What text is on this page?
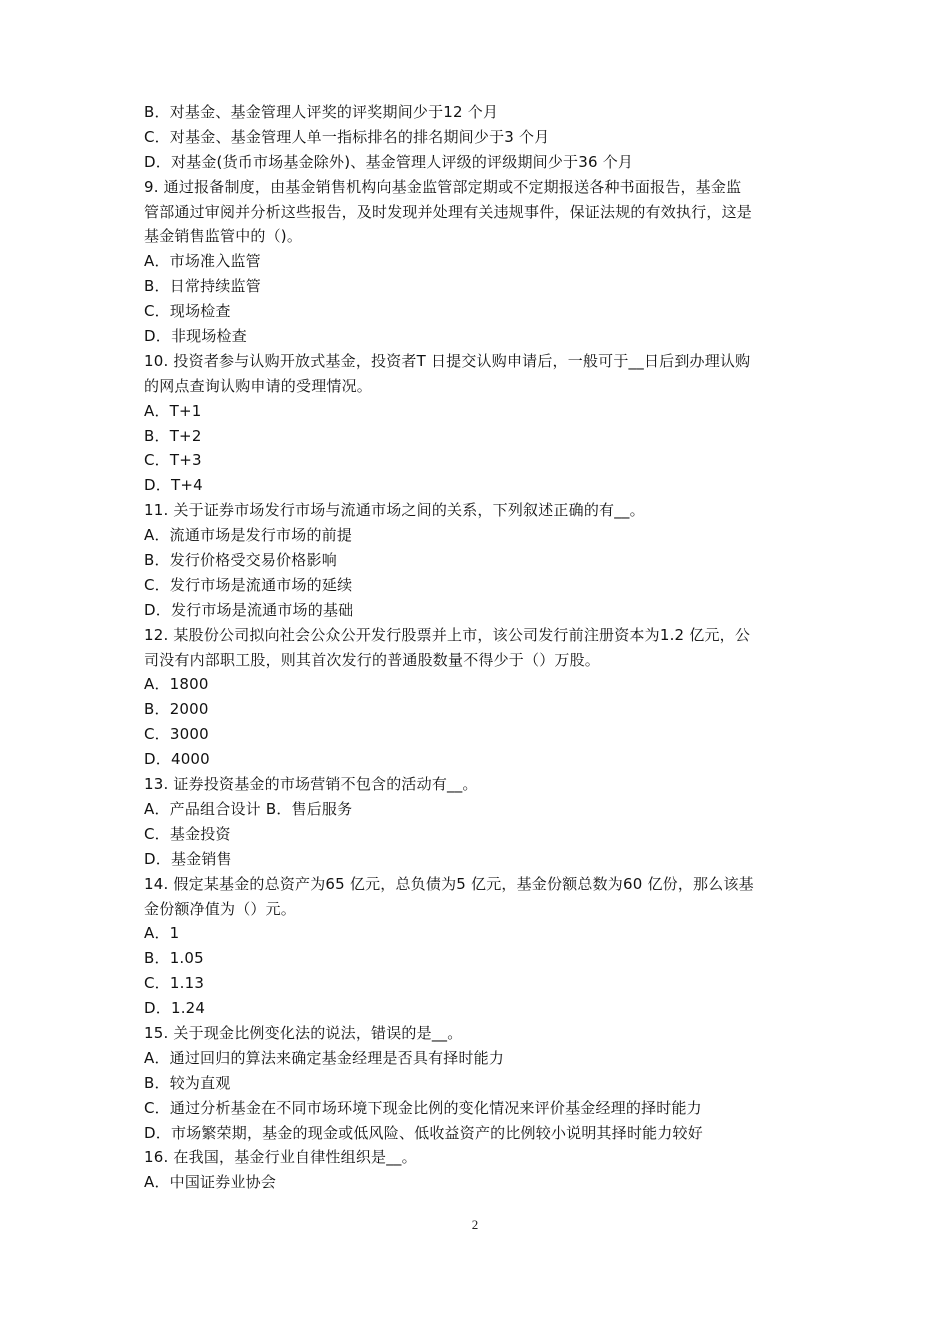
B．对基金、基金管理人评奖的评奖期间少于12 个月
C．对基金、基金管理人单一指标排名的排名期间少于3 个月
D．对基金(货币市场基金除外)、基金管理人评级的评级期间少于36 个月
9. 通过报备制度，由基金销售机构向基金监管部定期或不定期报送各种书面报告，基金监
管部通过审阅并分析这些报告，及时发现并处理有关违规事件，保证法规的有效执行，这是
基金销售监管中的（)。
A．市场准入监管
B．日常持续监管
C．现场检查
D．非现场检查
10. 投资者参与认购开放式基金，投资者T 日提交认购申请后，一般可于__日后到办理认购
的网点查询认购申请的受理情况。
A．T+1
B．T+2
C．T+3
D．T+4
11. 关于证券市场发行市场与流通市场之间的关系，下列叙述正确的有__。
A．流通市场是发行市场的前提
B．发行价格受交易价格影响
C．发行市场是流通市场的延续
D．发行市场是流通市场的基础
12. 某股份公司拟向社会公众公开发行股票并上市，该公司发行前注册资本为1.2 亿元，公
司没有内部职工股，则其首次发行的普通股数量不得少于（）万股。
A．1800
B．2000
C．3000
D．4000
13. 证券投资基金的市场营销不包含的活动有__。
A．产品组合设计 B．售后服务
C．基金投资
D．基金销售
14. 假定某基金的总资产为65 亿元，总负债为5 亿元，基金份额总数为60 亿份，那么该基
金份额净值为（）元。
A．1
B．1.05
C．1.13
D．1.24
15. 关于现金比例变化法的说法，错误的是__。
A．通过回归的算法来确定基金经理是否具有择时能力
B．较为直观
C．通过分析基金在不同市场环境下现金比例的变化情况来评价基金经理的择时能力
D．市场繁荣期，基金的现金或低风险、低收益资产的比例较小说明其择时能力较好
16. 在我国，基金行业自律性组织是__。
A．中国证券业协会
2
